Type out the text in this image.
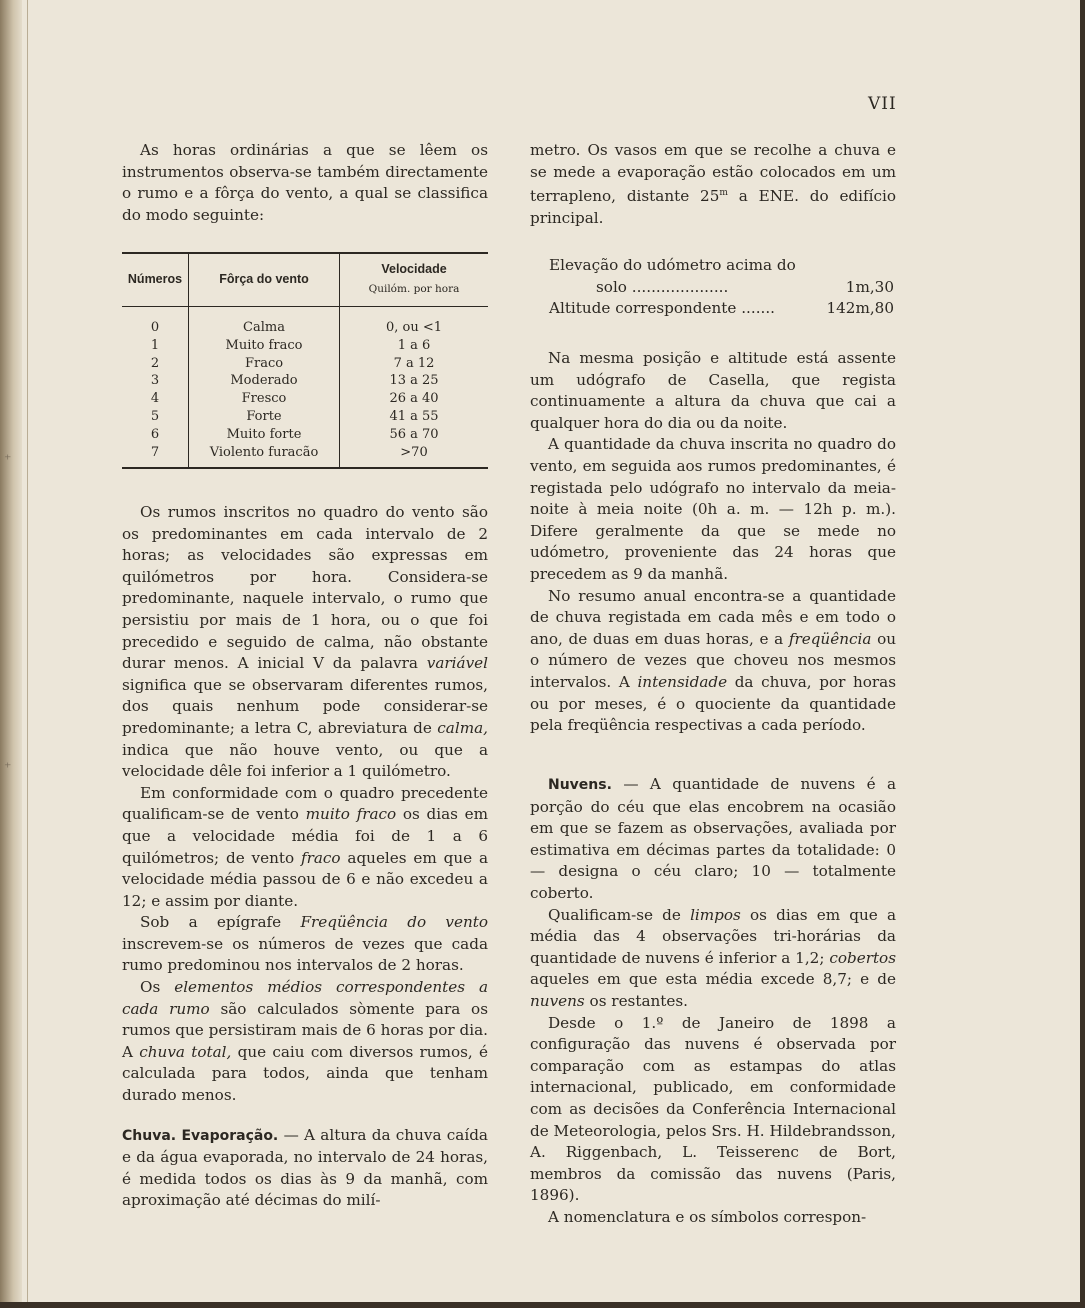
VII

As horas ordinárias a que se lêem os instrumentos observa-se também directamente o rumo e a fôrça do vento, a qual se classifica do modo seguinte:

Números	Fôrça do vento	Velocidade
Quilóm. por hora

0	Calma	0, ou <1
1	Muito fraco	1 a 6
2	Fraco	7 a 12
3	Moderado	13 a 25
4	Fresco	26 a 40
5	Forte	41 a 55
6	Muito forte	56 a 70
7	Violento furacão	>70

Os rumos inscritos no quadro do vento são os predominantes em cada intervalo de 2 horas; as velocidades são expressas em quilómetros por hora. Considera-se predominante, naquele intervalo, o rumo que persistiu por mais de 1 hora, ou o que foi precedido e seguido de calma, não obstante durar menos. A inicial V da palavra variável significa que se observaram diferentes rumos, dos quais nenhum pode considerar-se predominante; a letra C, abreviatura de calma, indica que não houve vento, ou que a velocidade dêle foi inferior a 1 quilómetro.

Em conformidade com o quadro precedente qualificam-se de vento muito fraco os dias em que a velocidade média foi de 1 a 6 quilómetros; de vento fraco aqueles em que a velocidade média passou de 6 e não excedeu a 12; e assim por diante.

Sob a epígrafe Freqüência do vento inscrevem-se os números de vezes que cada rumo predominou nos intervalos de 2 horas.

Os elementos médios correspondentes a cada rumo são calculados sòmente para os rumos que persistiram mais de 6 horas por dia. A chuva total, que caiu com diversos rumos, é calculada para todos, ainda que tenham durado menos.

Chuva. Evaporação. — A altura da chuva caída e da água evaporada, no intervalo de 24 horas, é medida todos os dias às 9 da manhã, com aproximação até décimas do milí-

metro. Os vasos em que se recolhe a chuva e se mede a evaporação estão colocados em um terrapleno, distante 25$^m$ a ENE. do edifício principal.

Elevação do udómetro acima do
solo ....................	1m,30
Altitude correspondente .......	142m,80

Na mesma posição e altitude está assente um udógrafo de Casella, que regista continuamente a altura da chuva que cai a qualquer hora do dia ou da noite.

A quantidade da chuva inscrita no quadro do vento, em seguida aos rumos predominantes, é registada pelo udógrafo no intervalo da meia-noite à meia noite (0h a. m. — 12h p. m.). Difere geralmente da que se mede no udómetro, proveniente das 24 horas que precedem as 9 da manhã.

No resumo anual encontra-se a quantidade de chuva registada em cada mês e em todo o ano, de duas em duas horas, e a freqüência ou o número de vezes que choveu nos mesmos intervalos. A intensidade da chuva, por horas ou por meses, é o quociente da quantidade pela freqüência respectivas a cada período.

Nuvens. — A quantidade de nuvens é a porção do céu que elas encobrem na ocasião em que se fazem as observações, avaliada por estimativa em décimas partes da totalidade: 0 — designa o céu claro; 10 — totalmente coberto.

Qualificam-se de limpos os dias em que a média das 4 observações tri-horárias da quantidade de nuvens é inferior a 1,2; cobertos aqueles em que esta média excede 8,7; e de nuvens os restantes.

Desde o 1.º de Janeiro de 1898 a configuração das nuvens é observada por comparação com as estampas do atlas internacional, publicado, em conformidade com as decisões da Conferência Internacional de Meteorologia, pelos Srs. H. Hildebrandsson, A. Riggenbach, L. Teisserenc de Bort, membros da comissão das nuvens (Paris, 1896).

A nomenclatura e os símbolos correspon-

⁺
⁺
